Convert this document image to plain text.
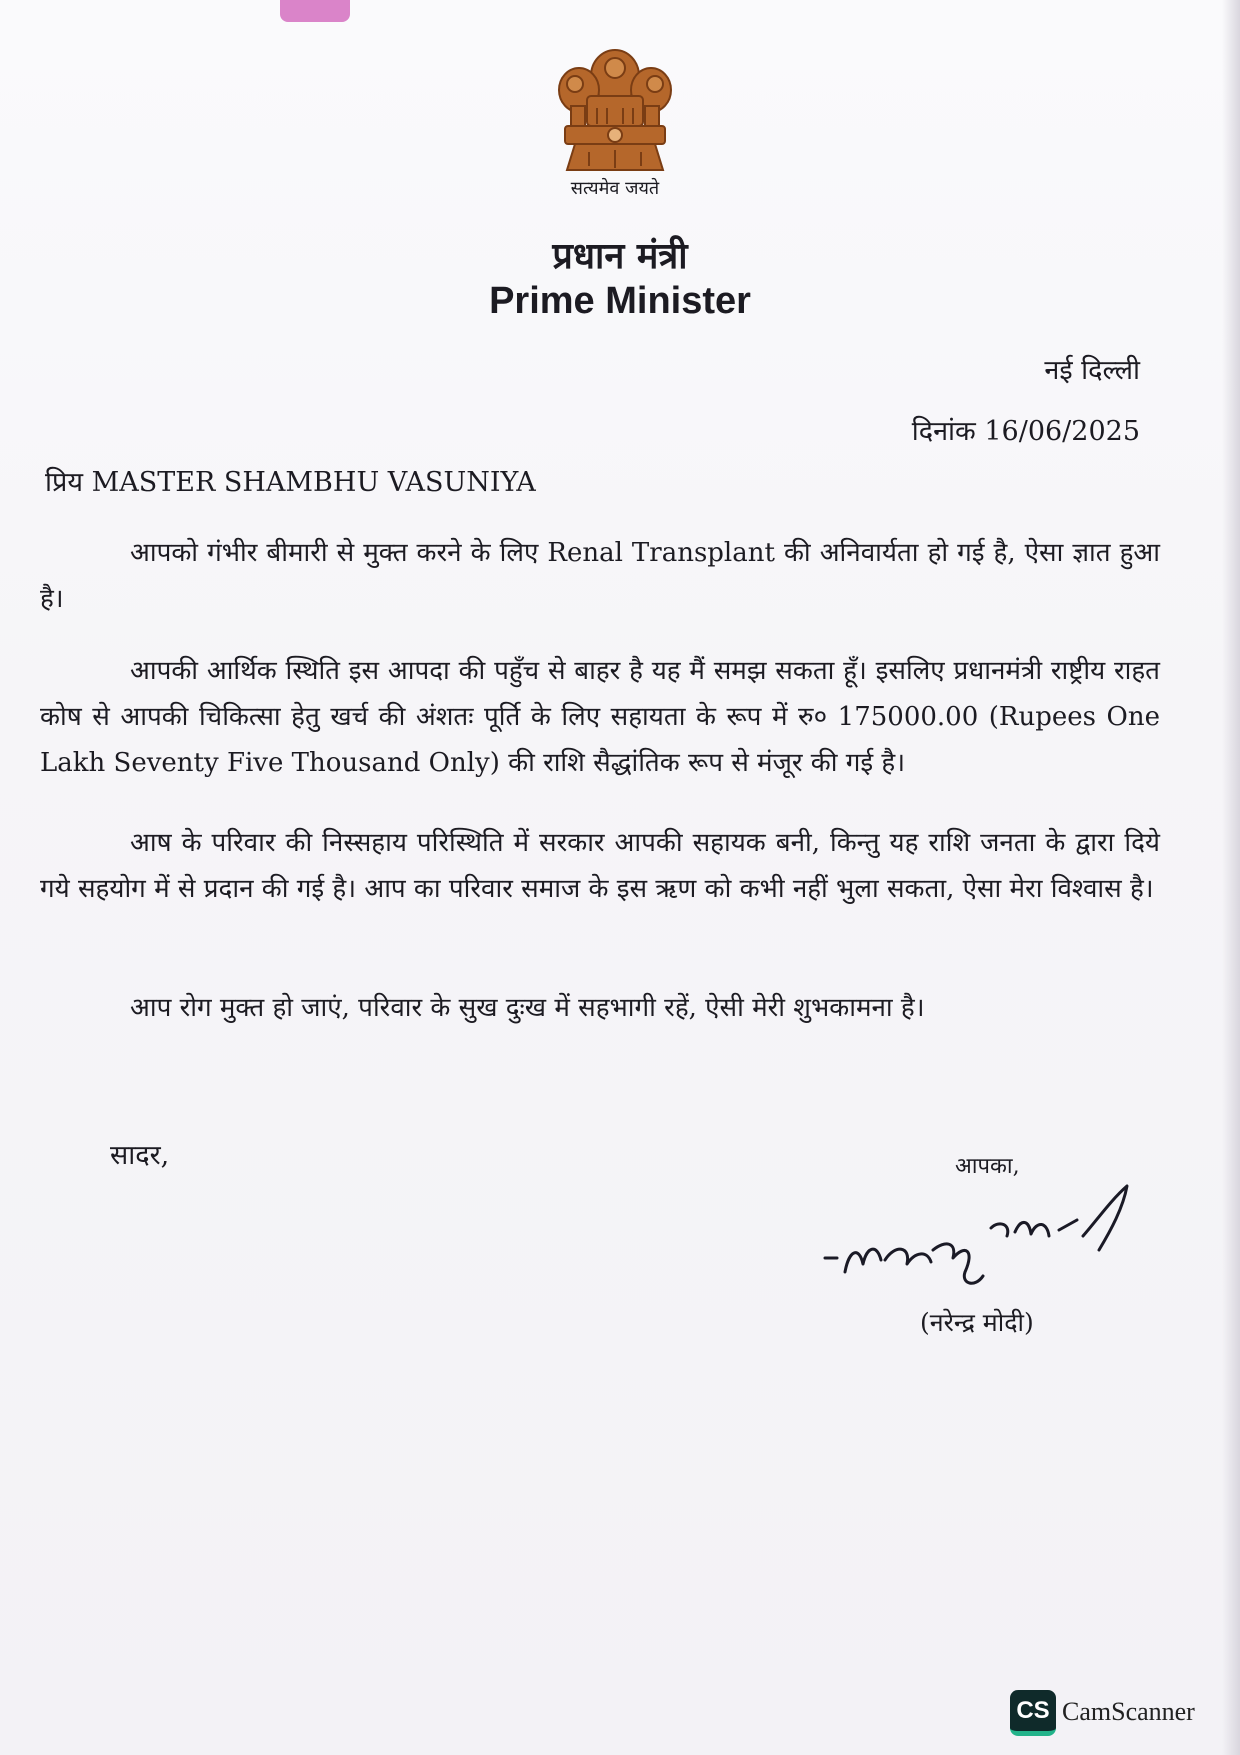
सत्यमेव जयते
प्रधान मंत्री
Prime Minister
नई दिल्ली
दिनांक 16/06/2025
प्रिय MASTER SHAMBHU VASUNIYA

आपको गंभीर बीमारी से मुक्त करने के लिए Renal Transplant की अनिवार्यता हो गई है, ऐसा ज्ञात हुआ है।

आपकी आर्थिक स्थिति इस आपदा की पहुँच से बाहर है यह मैं समझ सकता हूँ। इसलिए प्रधानमंत्री राष्ट्रीय राहत कोष से आपकी चिकित्सा हेतु खर्च की अंशतः पूर्ति के लिए सहायता के रूप में रु० 175000.00 (Rupees One Lakh Seventy Five Thousand Only) की राशि सैद्धांतिक रूप से मंजूर की गई है।

आष के परिवार की निस्सहाय परिस्थिति में सरकार आपकी सहायक बनी, किन्तु यह राशि जनता के द्वारा दिये गये सहयोग में से प्रदान की गई है। आप का परिवार समाज के इस ऋण को कभी नहीं भुला सकता, ऐसा मेरा विश्वास है।

आप रोग मुक्त हो जाएं, परिवार के सुख दुःख में सहभागी रहें, ऐसी मेरी शुभकामना है।

सादर,	आपका,
(नरेन्द्र मोदी)
CS CamScanner
